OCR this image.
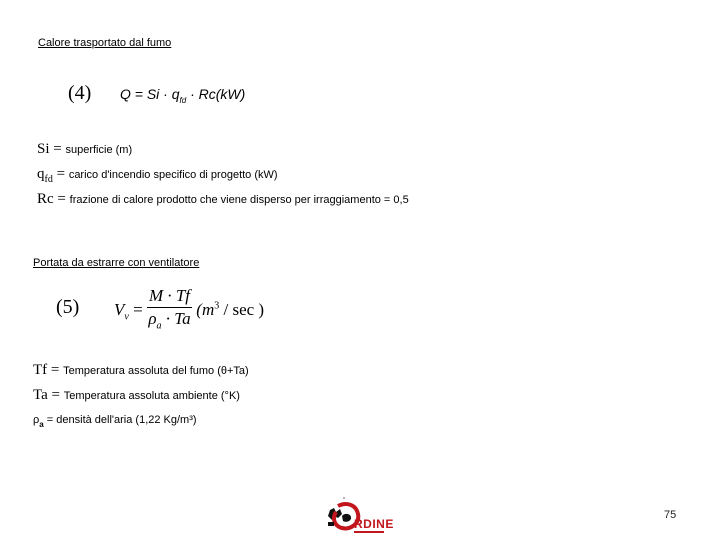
Calore trasportato dal fumo
(4) $Q = Si \cdot q_{fd} \cdot Rc(kW)$
Si = superficie (m)
$q_{fd}$ = carico d'incendio specifico di progetto (kW)
Rc = frazione di calore prodotto che viene disperso per irraggiamento = 0,5
Portata da estrarre con ventilatore
(5) $V_v = \frac{M \cdot Tf}{\rho_a \cdot Ta} (m^3 / \sec$ )
Tf = Temperatura assoluta del fumo (θ+Ta)
Ta = Temperatura assoluta ambiente (°K)
$\rho_a$ = densità dell'aria (1,22 Kg/m³)
RDINE
75
